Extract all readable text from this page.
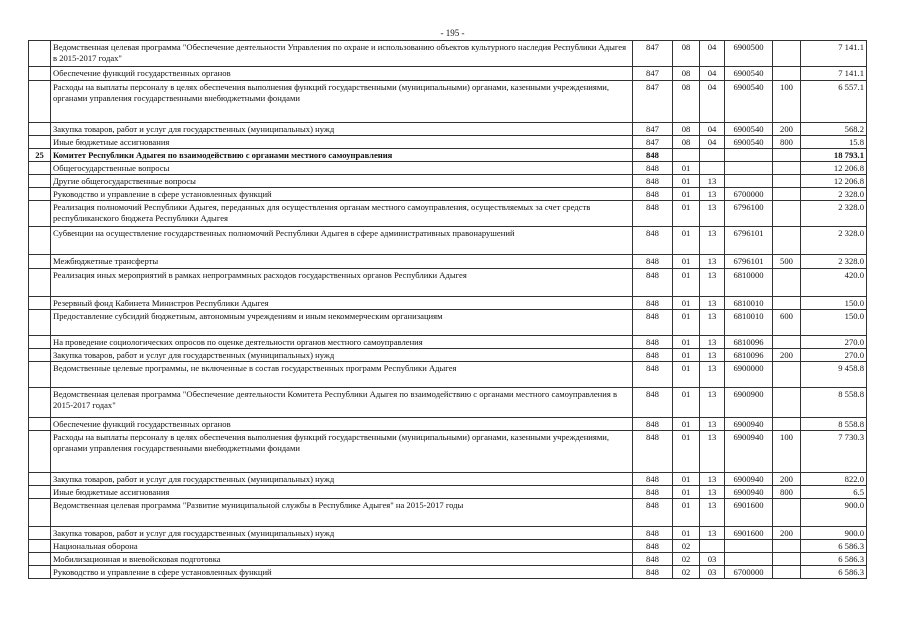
- 195 -
	Ведомственная целевая программа "Обеспечение деятельности Управления по охране и использованию объектов культурного наследия Республики Адыгея в 2015-2017 годах"	847	08	04	6900500		7 141.1
	Обеспечение функций государственных органов	847	08	04	6900540		7 141.1
	Расходы на выплаты персоналу в целях обеспечения выполнения функций государственными (муниципальными) органами, казенными учреждениями, органами управления государственными внебюджетными фондами	847	08	04	6900540	100	6 557.1
	Закупка товаров, работ и услуг для государственных (муниципальных) нужд	847	08	04	6900540	200	568.2
	Иные бюджетные ассигнования	847	08	04	6900540	800	15.8
25	Комитет Республики Адыгея по взаимодействию с органами местного самоуправления	848					18 793.1
	Общегосударственные вопросы	848	01				12 206.8
	Другие общегосударственные вопросы	848	01	13			12 206.8
	Руководство и управление в сфере установленных функций	848	01	13	6700000		2 328.0
	Реализация полномочий Республики Адыгея, переданных для осуществления органам местного самоуправления, осуществляемых за счет средств республиканского бюджета Республики Адыгея	848	01	13	6796100		2 328.0
	Субвенции на осуществление государственных полномочий Республики Адыгея в сфере административных правонарушений	848	01	13	6796101		2 328.0
	Межбюджетные трансферты	848	01	13	6796101	500	2 328.0
	Реализация иных мероприятий в рамках непрограммных расходов государственных органов Республики Адыгея	848	01	13	6810000		420.0
	Резервный фонд Кабинета Министров Республики Адыгея	848	01	13	6810010		150.0
	Предоставление субсидий бюджетным, автономным учреждениям и иным некоммерческим организациям	848	01	13	6810010	600	150.0
	На проведение социологических опросов по оценке деятельности органов местного самоуправления	848	01	13	6810096		270.0
	Закупка товаров, работ и услуг для государственных (муниципальных) нужд	848	01	13	6810096	200	270.0
	Ведомственные целевые программы, не включенные в состав государственных программ Республики Адыгея	848	01	13	6900000		9 458.8
	Ведомственная целевая программа "Обеспечение деятельности Комитета Республики Адыгея по взаимодействию с органами местного самоуправления в 2015-2017 годах"	848	01	13	6900900		8 558.8
	Обеспечение функций государственных органов	848	01	13	6900940		8 558.8
	Расходы на выплаты персоналу в целях обеспечения выполнения функций государственными (муниципальными) органами, казенными учреждениями, органами управления государственными внебюджетными фондами	848	01	13	6900940	100	7 730.3
	Закупка товаров, работ и услуг для государственных (муниципальных) нужд	848	01	13	6900940	200	822.0
	Иные бюджетные ассигнования	848	01	13	6900940	800	6.5
	Ведомственная целевая программа "Развитие муниципальной службы в Республике Адыгея" на 2015-2017 годы	848	01	13	6901600		900.0
	Закупка товаров, работ и услуг для государственных (муниципальных) нужд	848	01	13	6901600	200	900.0
	Национальная оборона	848	02				6 586.3
	Мобилизационная и вневойсковая подготовка	848	02	03			6 586.3
	Руководство и управление в сфере установленных функций	848	02	03	6700000		6 586.3
